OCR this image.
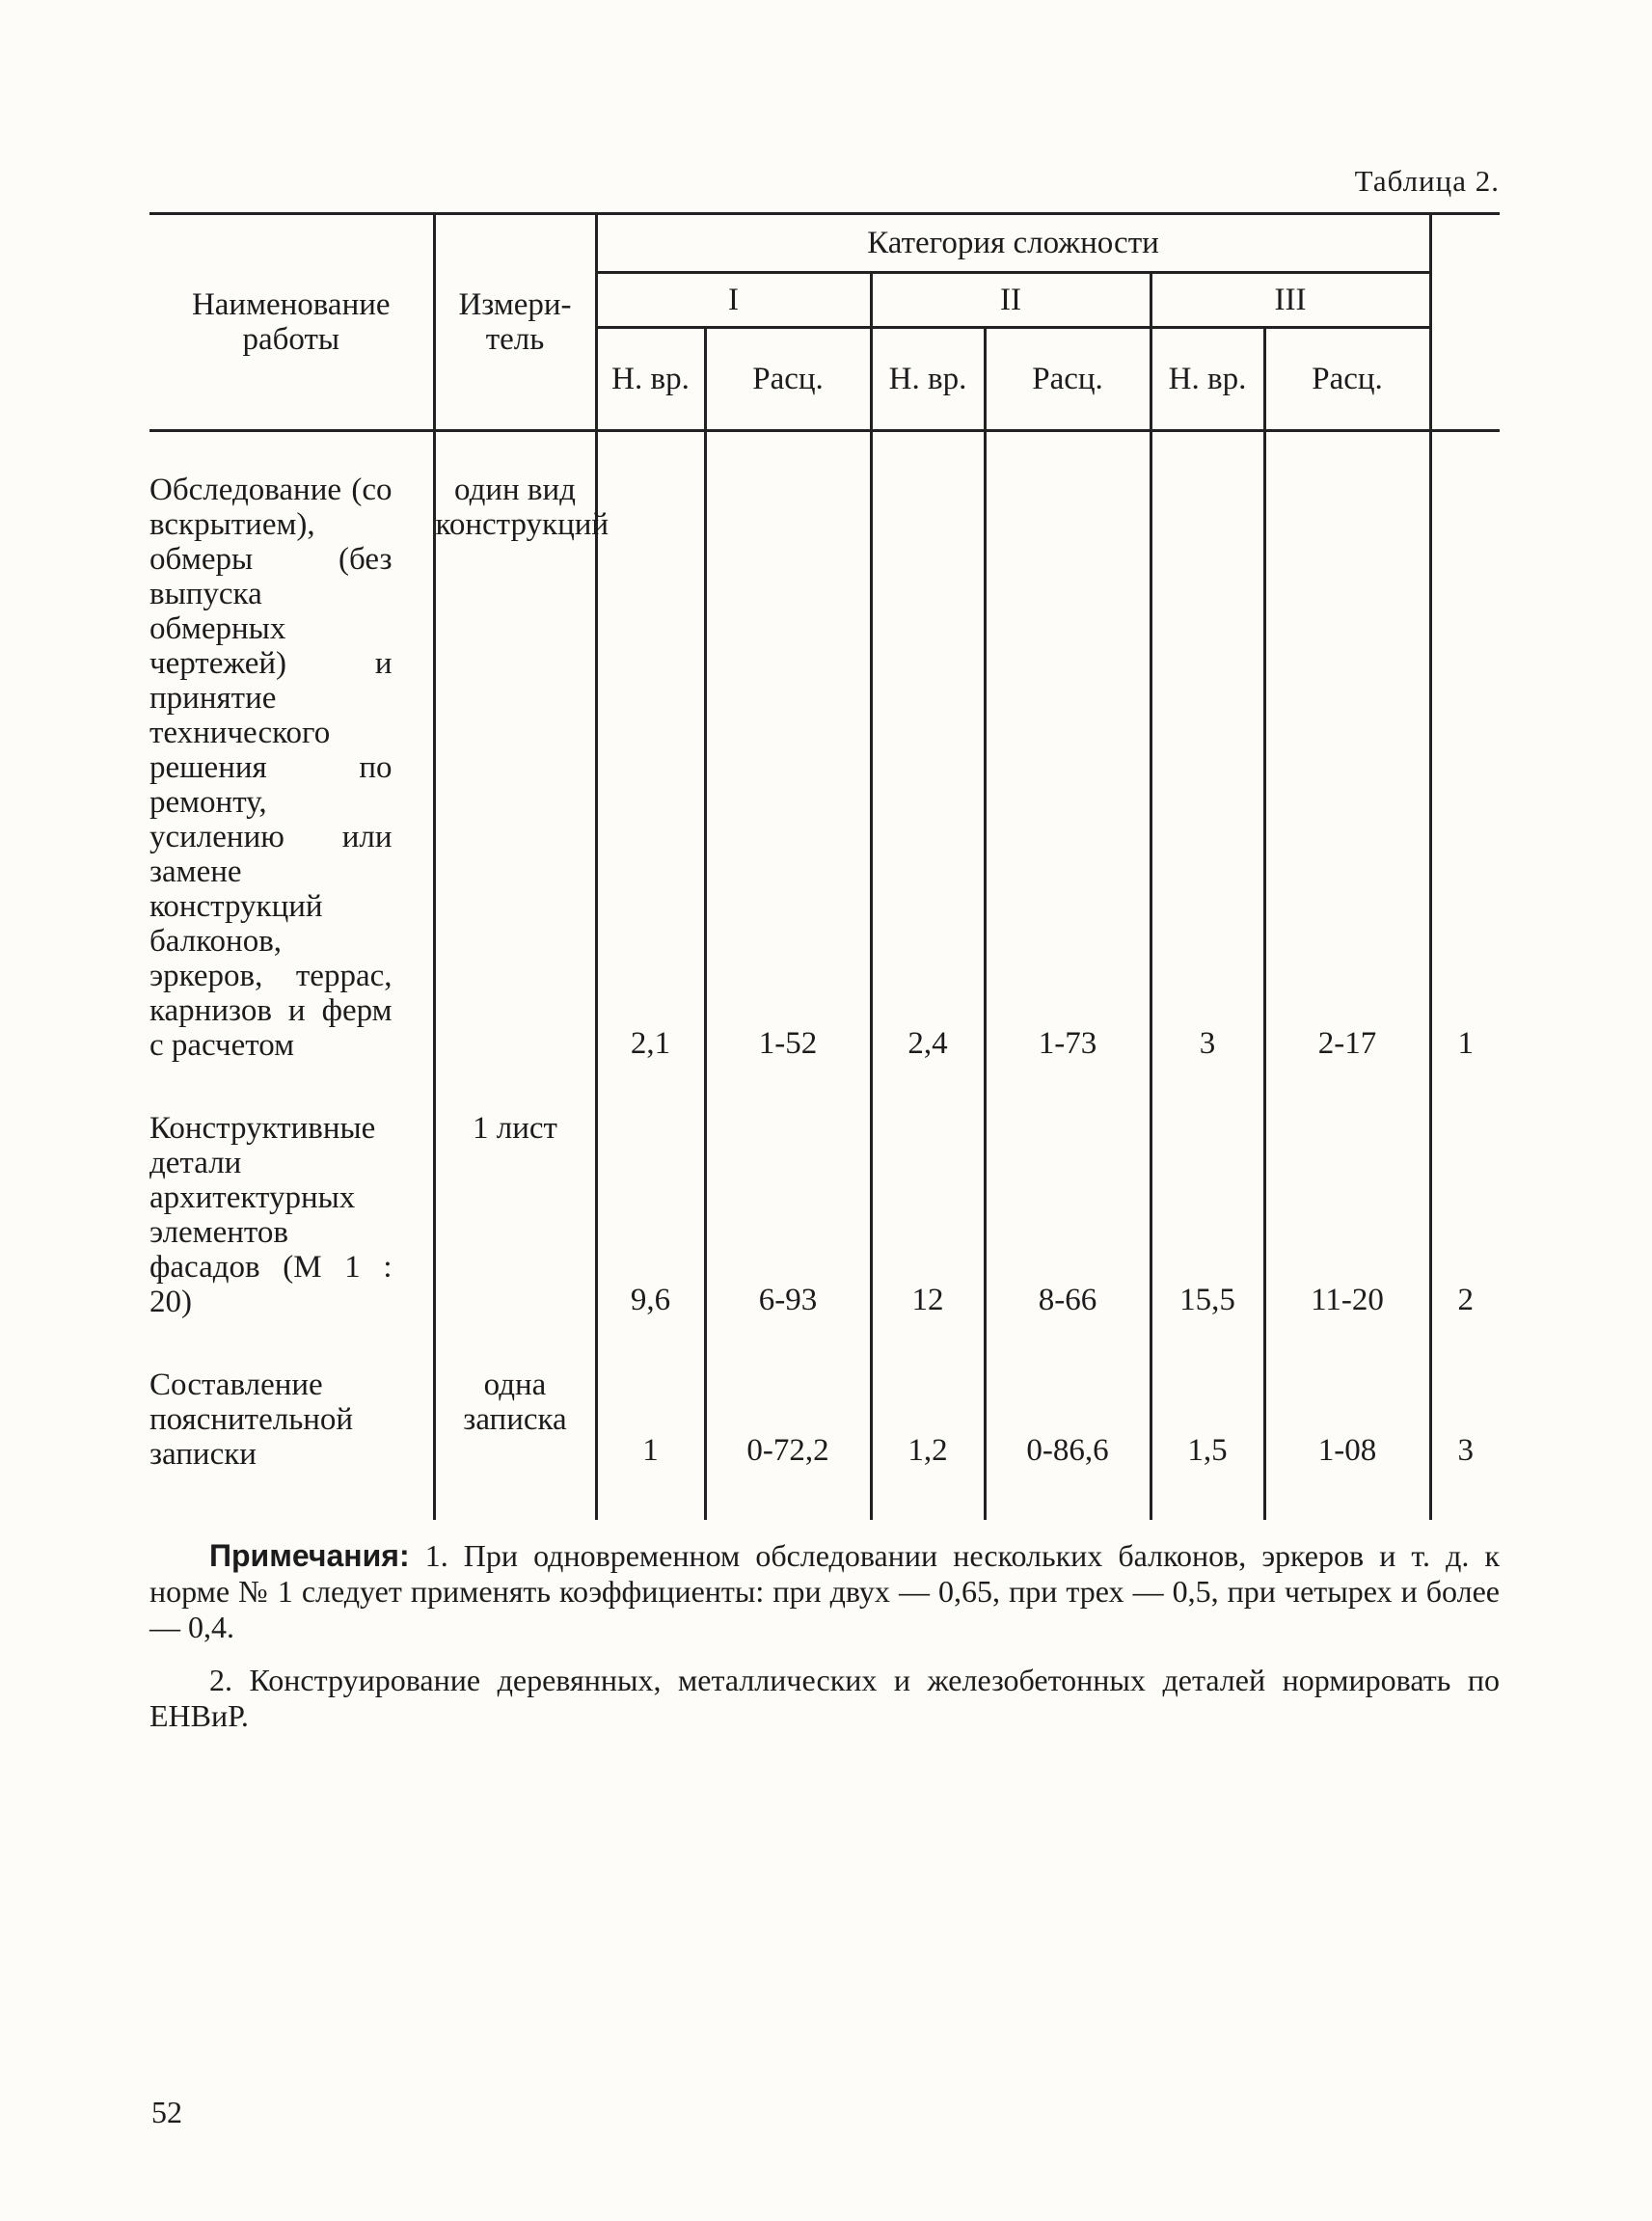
Таблица 2.
Наименование работы	Измери-тель	Категория сложности						
		I		II		III		
		Н. вр.	Расц.	Н. вр.	Расц.	Н. вр.	Расц.	
Обследование (со вскрытием), обмеры (без выпуска обмерных чертежей) и принятие технического решения по ремонту, усилению или замене конструкций балконов, эркеров, террас, карнизов и ферм с расчетом	один вид конструкций	2,1	1-52	2,4	1-73	3	2-17	1

Конструктивные детали архитектурных элементов фасадов (М 1 : 20)	1 лист	9,6	6-93	12	8-66	15,5	11-20	2

Составление пояснительной записки	одна записка	1	0-72,2	1,2	0-86,6	1,5	1-08	3

Примечания: 1. При одновременном обследовании нескольких балконов, эркеров и т. д. к норме № 1 следует применять коэффициенты: при двух — 0,65, при трех — 0,5, при четырех и более — 0,4.

2. Конструирование деревянных, металлических и железобетонных деталей нормировать по ЕНВиР.

52
